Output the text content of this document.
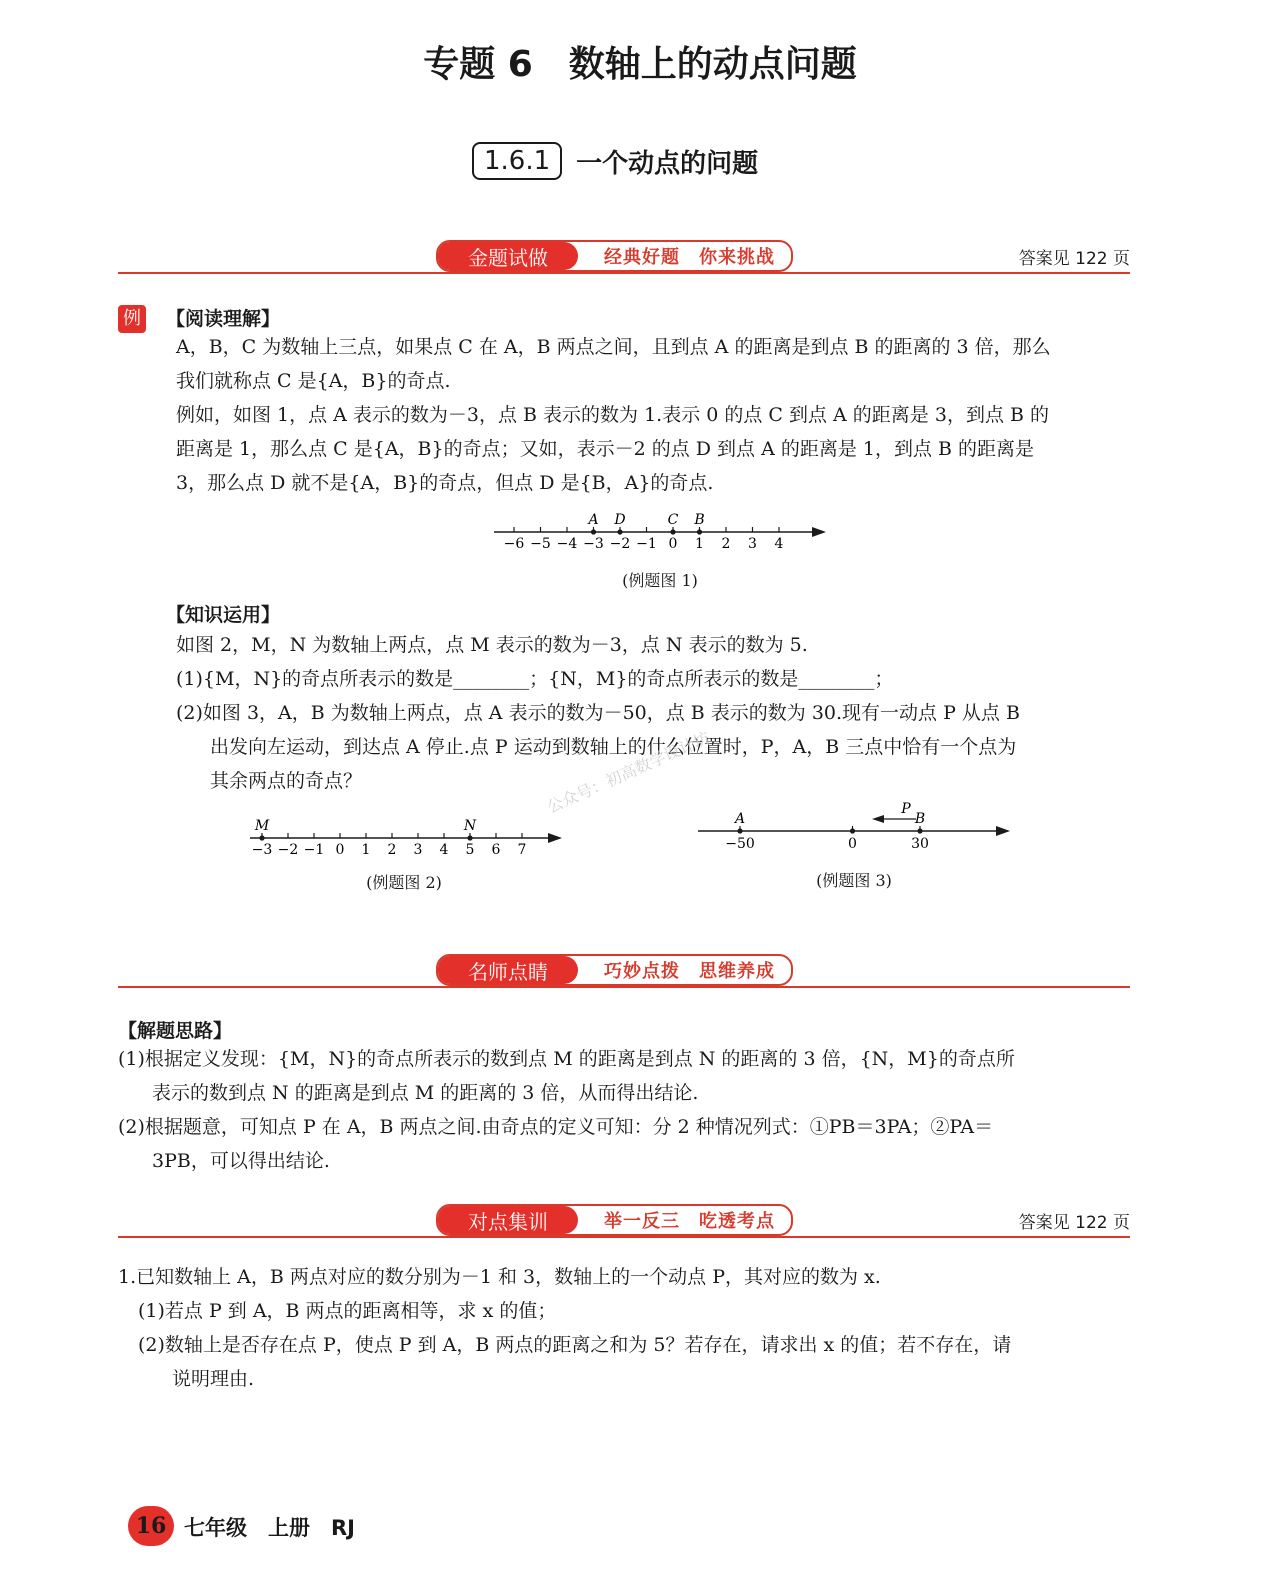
专题 6 数轴上的动点问题
1.6.1	一个动点的问题
金题试做	经典好题　你来挑战	答案见 122 页
例 【阅读理解】
A，B，C 为数轴上三点，如果点 C 在 A，B 两点之间，且到点 A 的距离是到点 B 的距离的 3 倍，那么
我们就称点 C 是{A，B}的奇点.
例如，如图 1，点 A 表示的数为－3，点 B 表示的数为 1.表示 0 的点 C 到点 A 的距离是 3，到点 B 的
距离是 1，那么点 C 是{A，B}的奇点；又如，表示－2 的点 D 到点 A 的距离是 1，到点 B 的距离是
3，那么点 D 就不是{A，B}的奇点，但点 D 是{B，A}的奇点.
−6 −5 −4 −3 −2 −1 0 1 2 3 4
A D	C B
(例题图 1)
【知识运用】
如图 2，M，N 为数轴上两点，点 M 表示的数为－3，点 N 表示的数为 5.
(1){M，N}的奇点所表示的数是________；{N，M}的奇点所表示的数是________；
(2)如图 3，A，B 为数轴上两点，点 A 表示的数为－50，点 B 表示的数为 30.现有一动点 P 从点 B
出发向左运动，到达点 A 停止.点 P 运动到数轴上的什么位置时，P，A，B 三点中恰有一个点为
其余两点的奇点？
−3 −2 −1 0 1 2 3 4 5 6 7
M	N
(例题图 2)
公众号：初高数学设计坊
−50	0	30
A	B
P
(例题图 3)
名师点睛	巧妙点拨　思维养成
【解题思路】
(1)根据定义发现：{M，N}的奇点所表示的数到点 M 的距离是到点 N 的距离的 3 倍，{N，M}的奇点所
表示的数到点 N 的距离是到点 M 的距离的 3 倍，从而得出结论.
(2)根据题意，可知点 P 在 A，B 两点之间.由奇点的定义可知：分 2 种情况列式：①PB＝3PA；②PA＝
3PB，可以得出结论.
对点集训	举一反三　吃透考点	答案见 122 页
1.已知数轴上 A，B 两点对应的数分别为－1 和 3，数轴上的一个动点 P，其对应的数为 x.
(1)若点 P 到 A，B 两点的距离相等，求 x 的值；
(2)数轴上是否存在点 P，使点 P 到 A，B 两点的距离之和为 5？若存在，请求出 x 的值；若不存在，请
说明理由.
16 七年级　上册　RJ
